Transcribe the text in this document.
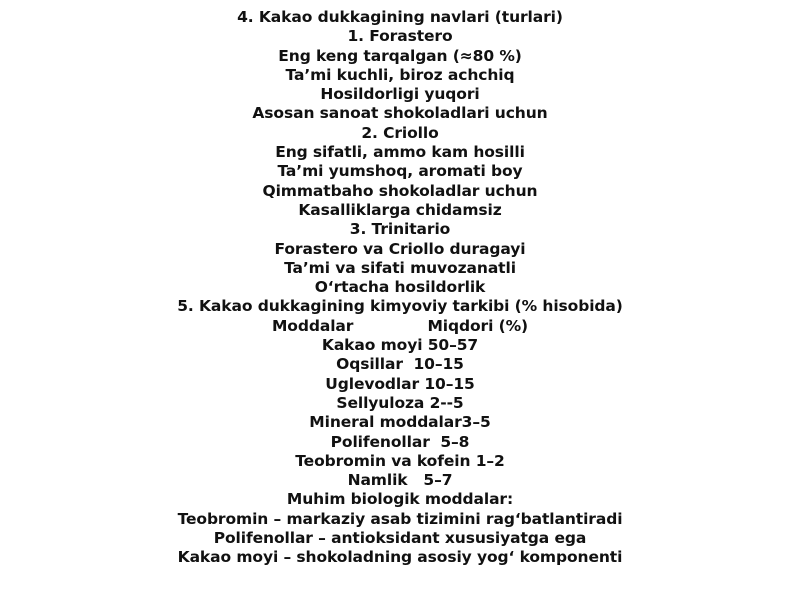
4. Kakao dukkagining navlari (turlari)
1. Forastero
Eng keng tarqalgan (≈80 %)
Ta’mi kuchli, biroz achchiq
Hosildorligi yuqori
Asosan sanoat shokoladlari uchun
2. Criollo
Eng sifatli, ammo kam hosilli
Ta’mi yumshoq, aromati boy
Qimmatbaho shokoladlar uchun
Kasalliklarga chidamsiz
3. Trinitario
Forastero va Criollo duragayi
Ta’mi va sifati muvozanatli
O‘rtacha hosildorlik
5. Kakao dukkagining kimyoviy tarkibi (% hisobida)
Moddalar              Miqdori (%)
Kakao moyi 50–57
Oqsillar  10–15
Uglevodlar 10–15
Sellyuloza 2--5
Mineral moddalar3–5
Polifenollar  5–8
Teobromin va kofein 1–2
Namlik   5–7
Muhim biologik moddalar:
Teobromin – markaziy asab tizimini rag‘batlantiradi
Polifenollar – antioksidant xususiyatga ega
Kakao moyi – shokoladning asosiy yog‘ komponenti
